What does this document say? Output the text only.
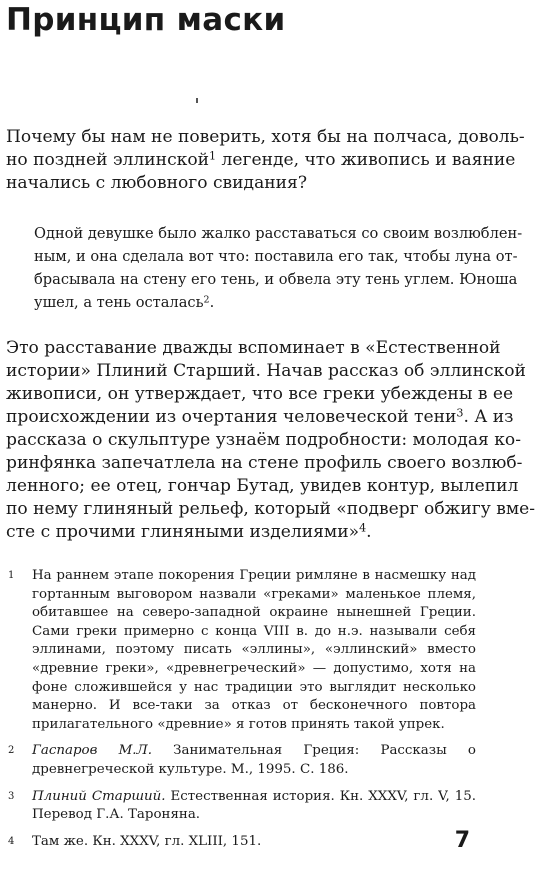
Принцип маски
Почему бы нам не поверить, хотя бы на полчаса, доволь-
но поздней эллинской$^1$ легенде, что живопись и ваяние
начались с любовного свидания?
Одной девушке было жалко расставаться со своим возлюблен-
ным, и она сделала вот что: поставила его так, чтобы луна от-
брасывала на стену его тень, и обвела эту тень углем. Юноша
ушел, а тень осталась$^2$.
Это расставание дважды вспоминает в «Естественной
истории» Плиний Старший. Начав рассказ об эллинской
живописи, он утверждает, что все греки убеждены в ее
происхождении из очертания человеческой тени$^3$. А из
рассказа о скульптуре узнаём подробности: молодая ко-
ринфянка запечатлела на стене профиль своего возлюб-
ленного; ее отец, гончар Бутад, увидев контур, вылепил
по нему глиняный рельеф, который «подверг обжигу вме-
сте с прочими глиняными изделиями»$^4$.
1 На раннем этапе покорения Греции римляне в насмешку над гортанным выговором назвали «греками» маленькое племя, обитавшее на северо-западной окраине нынешней Греции. Сами греки примерно с конца VIII в. до н.э. называли себя эллинами, поэтому писать «эллины», «эллинский» вместо «древние греки», «древнегреческий» — допустимо, хотя на фоне сложившейся у нас традиции это выглядит несколько манерно. И все-таки за отказ от бесконечного повтора прилагательного «древние» я готов принять такой упрек.
2 Гаспаров М.Л. Занимательная Греция: Рассказы о древнегреческой культуре. М., 1995. С. 186.
3 Плиний Старший. Естественная история. Кн. XXXV, гл. V, 15. Перевод Г.А. Тароняна.
4 Там же. Кн. XXXV, гл. XLIII, 151.	7
